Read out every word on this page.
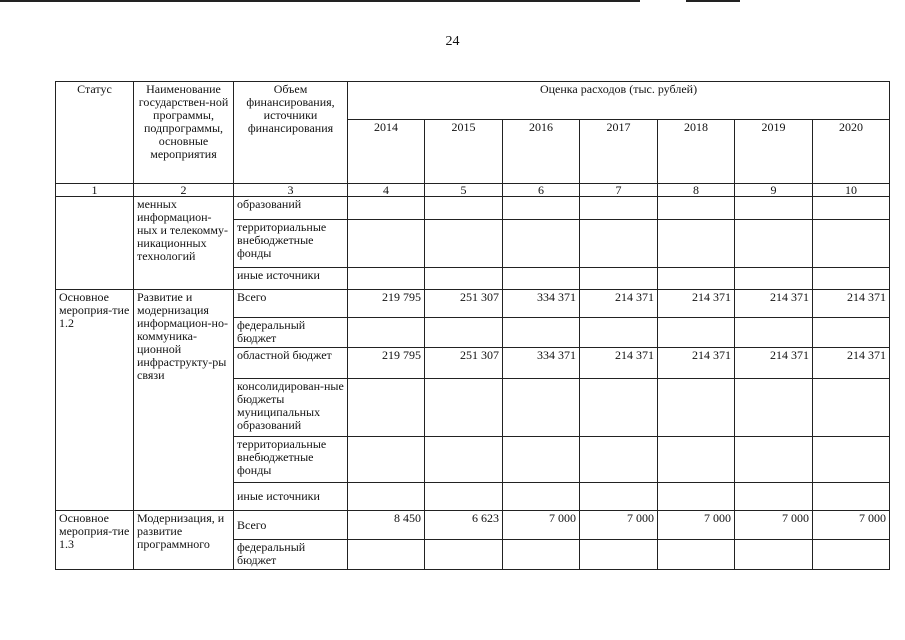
24
Статус	Наименование государствен-ной программы, подпрограммы, основные мероприятия	Объем финансирования, источники финансирования	Оценка расходов (тыс. рублей)						
			2014	2015	2016	2017	2018	2019	2020
1	2	3	4	5	6	7	8	9	10
	менных информацион-ных и телекомму-никационных технологий	образований							
		территориальные внебюджетные фонды							
		иные источники							
Основное мероприя-тие 1.2	Развитие и модернизация информацион-но-коммуника-ционной инфраструкту-ры связи	Всего	219 795	251 307	334 371	214 371	214 371	214 371	214 371
		федеральный бюджет							
		областной бюджет	219 795	251 307	334 371	214 371	214 371	214 371	214 371
		консолидирован-ные бюджеты муниципальных образований							
		территориальные внебюджетные фонды							
		иные источники							
Основное мероприя-тие 1.3	Модернизация, и развитие программного	Всего	8 450	6 623	7 000	7 000	7 000	7 000	7 000
		федеральный бюджет							
